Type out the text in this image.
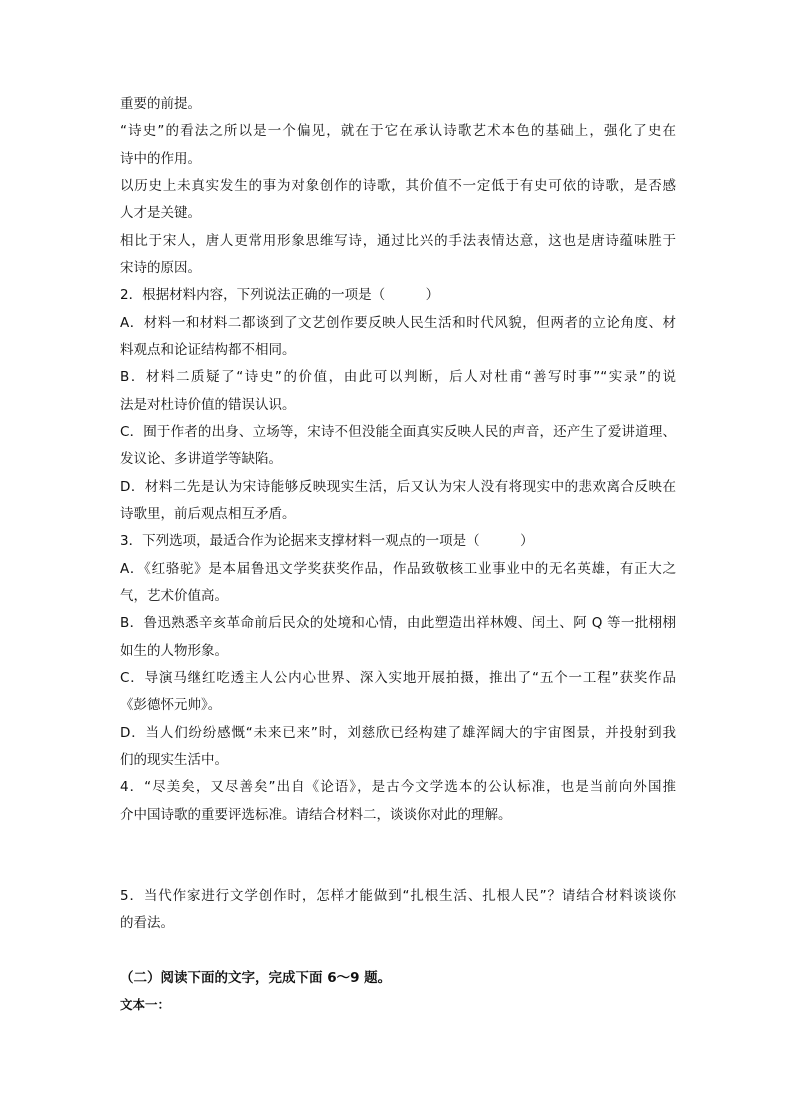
重要的前提。
“诗史”的看法之所以是一个偏见，就在于它在承认诗歌艺术本色的基础上，强化了史在
诗中的作用。
以历史上未真实发生的事为对象创作的诗歌，其价值不一定低于有史可依的诗歌，是否感
人才是关键。
相比于宋人，唐人更常用形象思维写诗，通过比兴的手法表情达意，这也是唐诗蕴味胜于
宋诗的原因。
2．根据材料内容，下列说法正确的一项是（　　　）
A．材料一和材料二都谈到了文艺创作要反映人民生活和时代风貌，但两者的立论角度、材
料观点和论证结构都不相同。
B．材料二质疑了“诗史”的价值，由此可以判断，后人对杜甫“善写时事”“实录”的说
法是对杜诗价值的错误认识。
C．囿于作者的出身、立场等，宋诗不但没能全面真实反映人民的声音，还产生了爱讲道理、
发议论、多讲道学等缺陷。
D．材料二先是认为宋诗能够反映现实生活，后又认为宋人没有将现实中的悲欢离合反映在
诗歌里，前后观点相互矛盾。
3．下列选项，最适合作为论据来支撑材料一观点的一项是（　　　）
A．《红骆驼》是本届鲁迅文学奖获奖作品，作品致敬核工业事业中的无名英雄，有正大之
气，艺术价值高。
B．鲁迅熟悉辛亥革命前后民众的处境和心情，由此塑造出祥林嫂、闰土、阿 Q 等一批栩栩
如生的人物形象。
C．导演马继红吃透主人公内心世界、深入实地开展拍摄，推出了“五个一工程”获奖作品
《彭德怀元帅》。
D．当人们纷纷感慨“未来已来”时，刘慈欣已经构建了雄浑阔大的宇宙图景，并投射到我
们的现实生活中。
4．“尽美矣，又尽善矣”出自《论语》，是古今文学选本的公认标准，也是当前向外国推
介中国诗歌的重要评选标准。请结合材料二，谈谈你对此的理解。
5．当代作家进行文学创作时，怎样才能做到“扎根生活、扎根人民”？请结合材料谈谈你
的看法。
（二）阅读下面的文字，完成下面 6～9 题。
文本一：
